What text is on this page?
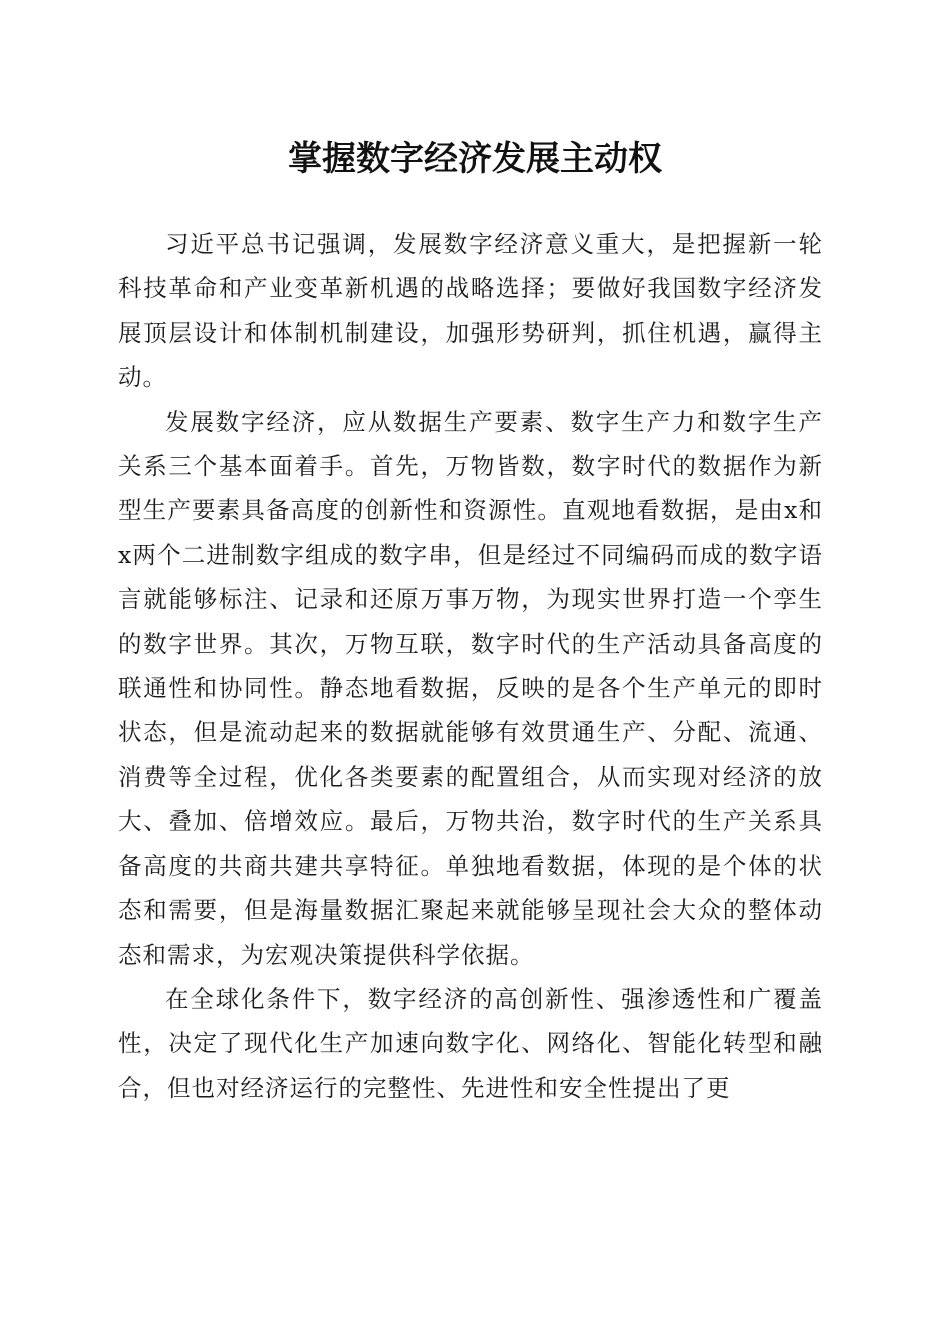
掌握数字经济发展主动权

习近平总书记强调，发展数字经济意义重大，是把握新一轮科技革命和产业变革新机遇的战略选择；要做好我国数字经济发展顶层设计和体制机制建设，加强形势研判，抓住机遇，赢得主动。

发展数字经济，应从数据生产要素、数字生产力和数字生产关系三个基本面着手。首先，万物皆数，数字时代的数据作为新型生产要素具备高度的创新性和资源性。直观地看数据，是由x和x两个二进制数字组成的数字串，但是经过不同编码而成的数字语言就能够标注、记录和还原万事万物，为现实世界打造一个孪生的数字世界。其次，万物互联，数字时代的生产活动具备高度的联通性和协同性。静态地看数据，反映的是各个生产单元的即时状态，但是流动起来的数据就能够有效贯通生产、分配、流通、消费等全过程，优化各类要素的配置组合，从而实现对经济的放大、叠加、倍增效应。最后，万物共治，数字时代的生产关系具备高度的共商共建共享特征。单独地看数据，体现的是个体的状态和需要，但是海量数据汇聚起来就能够呈现社会大众的整体动态和需求，为宏观决策提供科学依据。

在全球化条件下，数字经济的高创新性、强渗透性和广覆盖性，决定了现代化生产加速向数字化、网络化、智能化转型和融合，但也对经济运行的完整性、先进性和安全性提出了更
